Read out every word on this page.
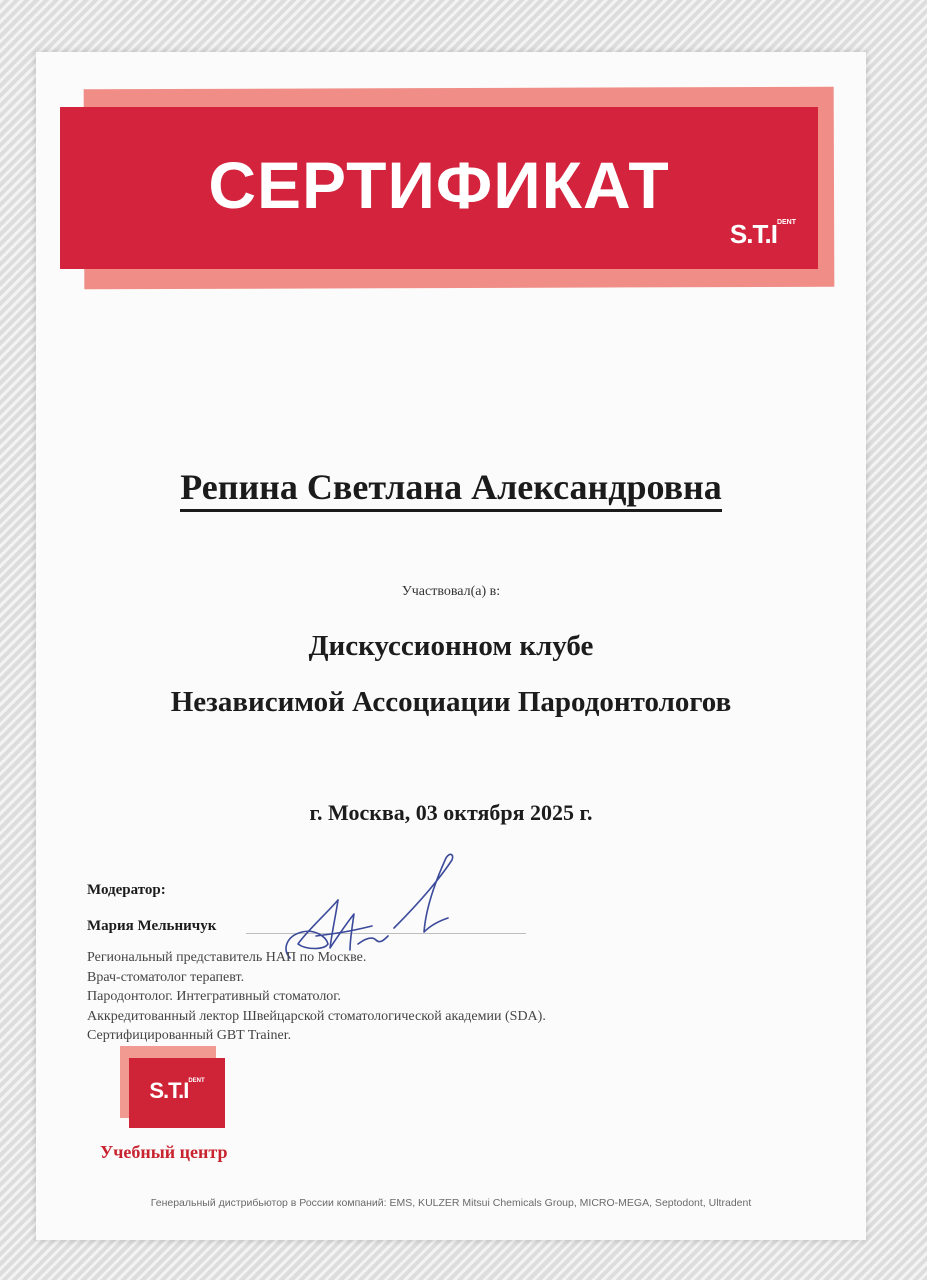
СЕРТИФИКАТ
$S.T.I^{DENT}$
Репина Светлана Александровна
Участвовал(а) в:
Дискуссионном клубе
Независимой Ассоциации Пародонтологов
г. Москва, 03 октября 2025 г.
Модератор:
Мария Мельничук
Региональный представитель НАП по Москве.
Врач-стоматолог терапевт.
Пародонтолог. Интегративный стоматолог.
Аккредитованный лектор Швейцарской стоматологической академии (SDA).
Сертифицированный GBT Trainer.
$S.T.I^{DENT}$
Учебный центр
Генеральный дистрибьютор в России компаний: EMS, KULZER Mitsui Chemicals Group, MICRO-MEGA, Septodont, Ultradent
